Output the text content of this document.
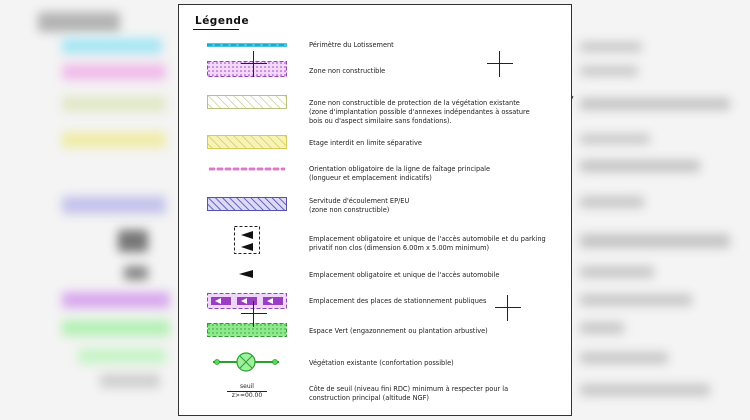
Légende
Périmètre du Lotissement
Zone non constructible
Zone non constructible de protection de la végétation existante
(zone d'implantation possible d'annexes indépendantes à ossature
bois ou d'aspect similaire sans fondations).
Etage interdit en limite séparative
Orientation obligatoire de la ligne de faîtage principale
(longueur et emplacement indicatifs)
Servitude d'écoulement EP/EU
(zone non constructible)
Emplacement obligatoire et unique de l'accès automobile et du parking
privatif non clos (dimension 6.00m x 5.00m minimum)
Emplacement obligatoire et unique de l'accès automobile
Emplacement des places de stationnement publiques
Espace Vert (engazonnement ou plantation arbustive)
Végétation existante (confortation possible)
seuil
z>=00.00
Côte de seuil (niveau fini RDC) minimum à respecter pour la
construction principal (altitude NGF)
